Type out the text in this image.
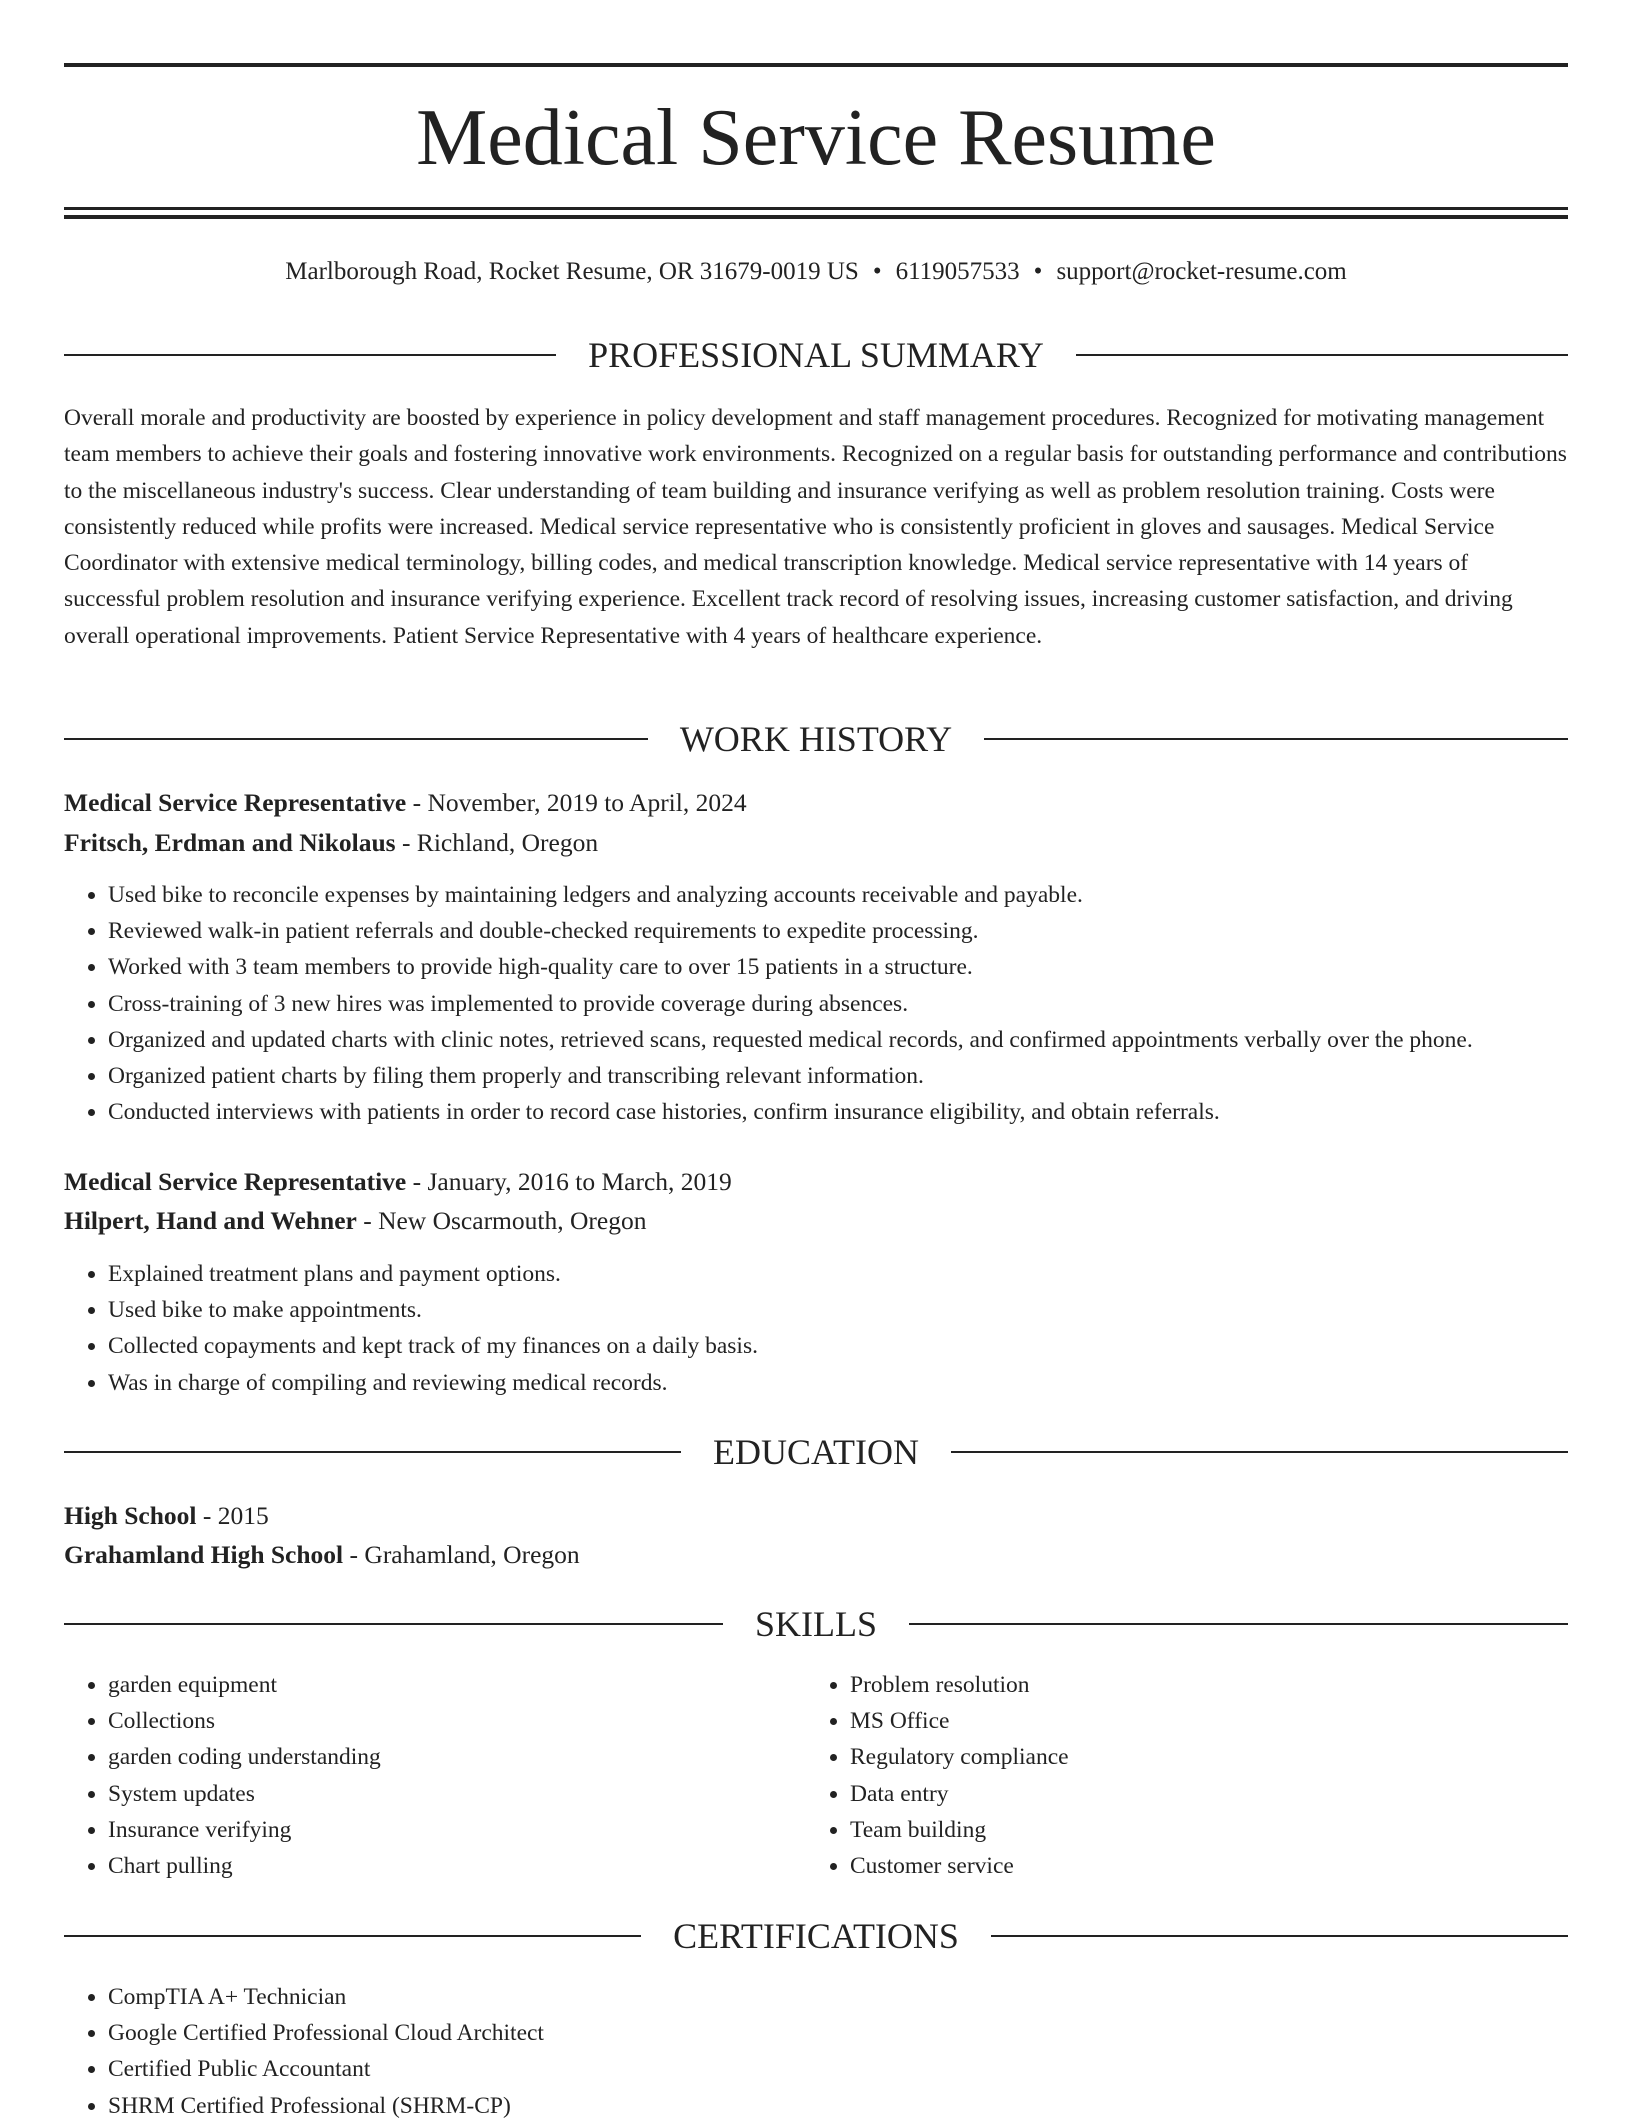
Medical Service Resume
Marlborough Road, Rocket Resume, OR 31679-0019 US • 6119057533 • support@rocket-resume.com
PROFESSIONAL SUMMARY

Overall morale and productivity are boosted by experience in policy development and staff management procedures. Recognized for motivating management team members to achieve their goals and fostering innovative work environments. Recognized on a regular basis for outstanding performance and contributions to the miscellaneous industry's success. Clear understanding of team building and insurance verifying as well as problem resolution training. Costs were consistently reduced while profits were increased. Medical service representative who is consistently proficient in gloves and sausages. Medical Service Coordinator with extensive medical terminology, billing codes, and medical transcription knowledge. Medical service representative with 14 years of successful problem resolution and insurance verifying experience. Excellent track record of resolving issues, increasing customer satisfaction, and driving overall operational improvements. Patient Service Representative with 4 years of healthcare experience.

WORK HISTORY
Medical Service Representative - November, 2019 to April, 2024
Fritsch, Erdman and Nikolaus - Richland, Oregon
• Used bike to reconcile expenses by maintaining ledgers and analyzing accounts receivable and payable.
• Reviewed walk-in patient referrals and double-checked requirements to expedite processing.
• Worked with 3 team members to provide high-quality care to over 15 patients in a structure.
• Cross-training of 3 new hires was implemented to provide coverage during absences.
• Organized and updated charts with clinic notes, retrieved scans, requested medical records, and confirmed appointments verbally over the phone.
• Organized patient charts by filing them properly and transcribing relevant information.
• Conducted interviews with patients in order to record case histories, confirm insurance eligibility, and obtain referrals.
Medical Service Representative - January, 2016 to March, 2019
Hilpert, Hand and Wehner - New Oscarmouth, Oregon
• Explained treatment plans and payment options.
• Used bike to make appointments.
• Collected copayments and kept track of my finances on a daily basis.
• Was in charge of compiling and reviewing medical records.
EDUCATION
High School - 2015
Grahamland High School - Grahamland, Oregon
SKILLS
• garden equipment
• Collections
• garden coding understanding
• System updates
• Insurance verifying
• Chart pulling
• Problem resolution
• MS Office
• Regulatory compliance
• Data entry
• Team building
• Customer service
CERTIFICATIONS
• CompTIA A+ Technician
• Google Certified Professional Cloud Architect
• Certified Public Accountant
• SHRM Certified Professional (SHRM-CP)
